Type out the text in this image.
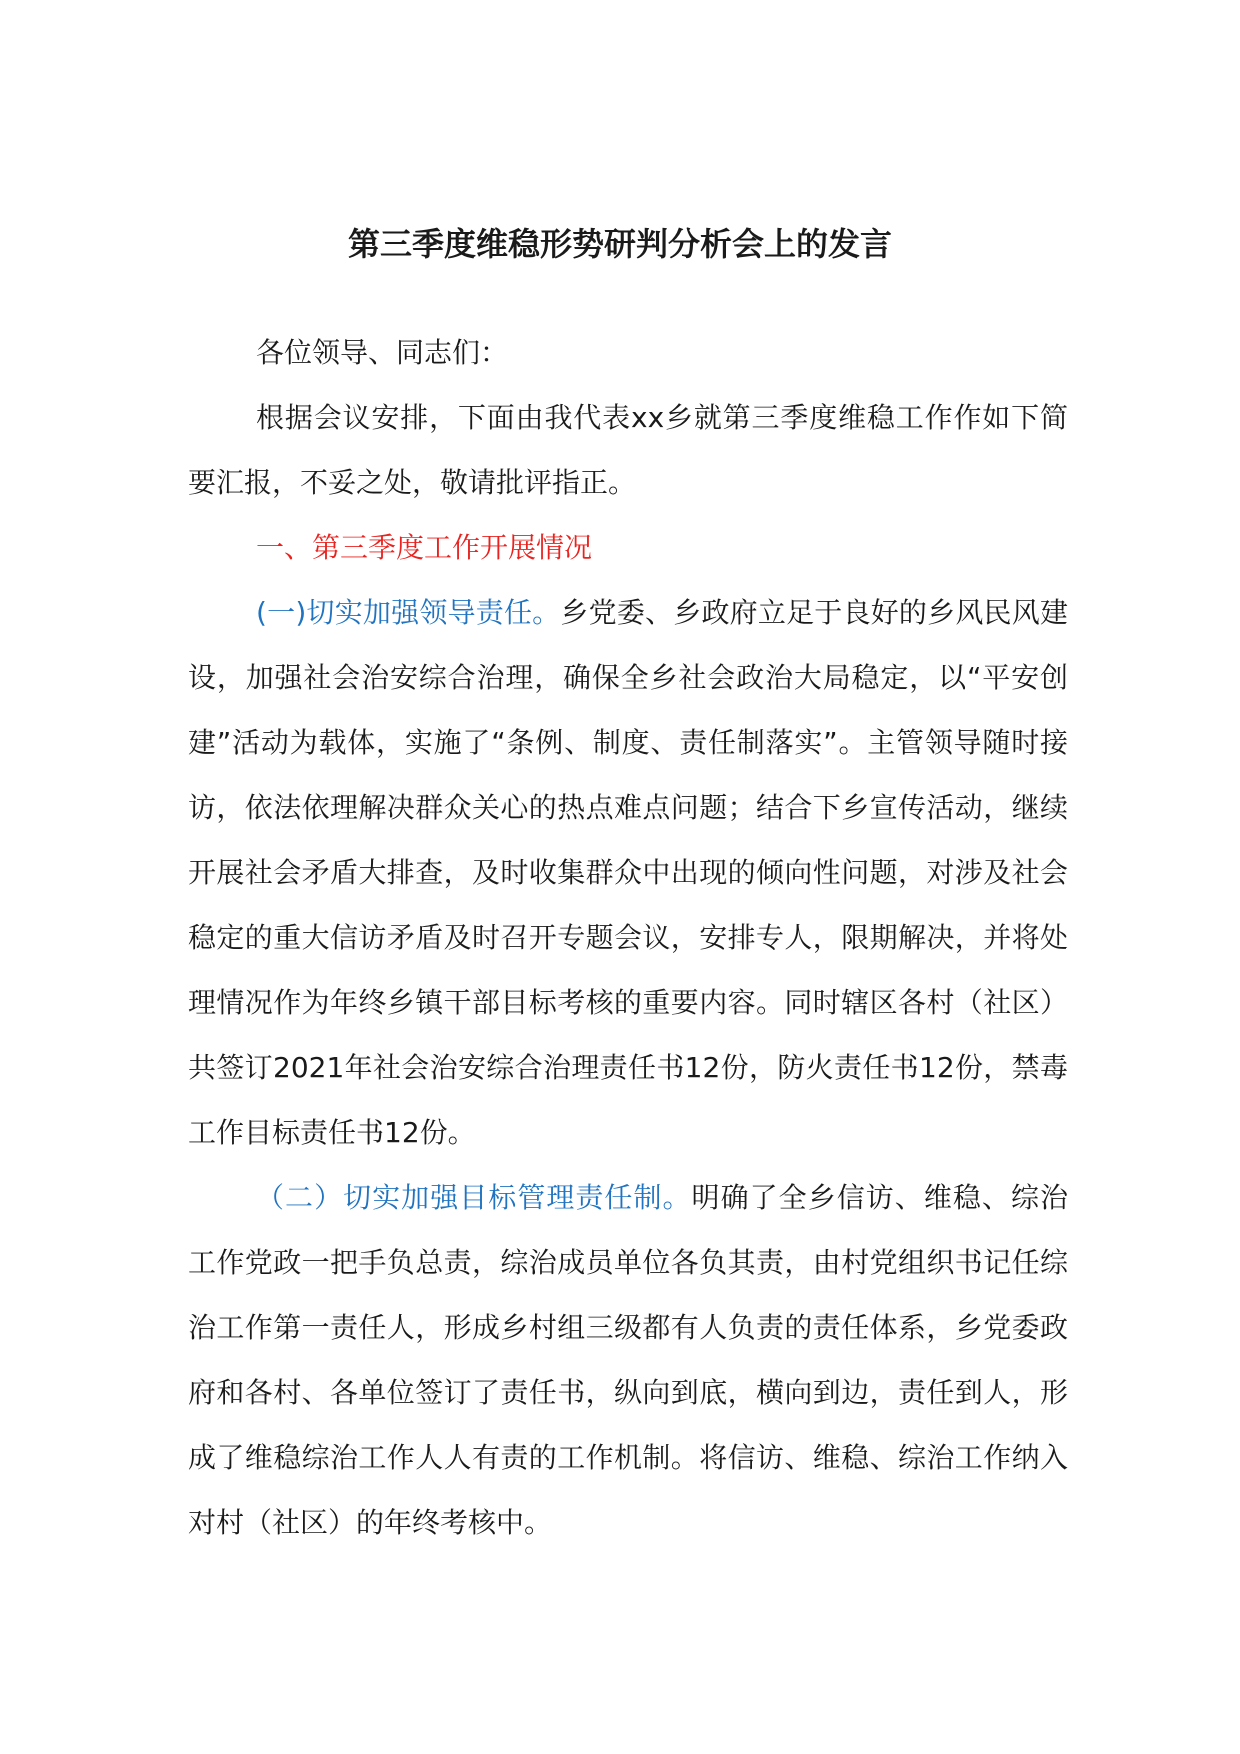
第三季度维稳形势研判分析会上的发言

各位领导、同志们：

根据会议安排，下面由我代表xx乡就第三季度维稳工作作如下简要汇报，不妥之处，敬请批评指正。

一、第三季度工作开展情况

(一)切实加强领导责任。乡党委、乡政府立足于良好的乡风民风建设，加强社会治安综合治理，确保全乡社会政治大局稳定，以“平安创建”活动为载体，实施了“条例、制度、责任制落实”。主管领导随时接访，依法依理解决群众关心的热点难点问题；结合下乡宣传活动，继续开展社会矛盾大排查，及时收集群众中出现的倾向性问题，对涉及社会稳定的重大信访矛盾及时召开专题会议，安排专人，限期解决，并将处理情况作为年终乡镇干部目标考核的重要内容。同时辖区各村（社区）共签订2021年社会治安综合治理责任书12份，防火责任书12份，禁毒工作目标责任书12份。

（二）切实加强目标管理责任制。明确了全乡信访、维稳、综治工作党政一把手负总责，综治成员单位各负其责，由村党组织书记任综治工作第一责任人，形成乡村组三级都有人负责的责任体系，乡党委政府和各村、各单位签订了责任书，纵向到底，横向到边，责任到人，形成了维稳综治工作人人有责的工作机制。将信访、维稳、综治工作纳入对村（社区）的年终考核中。
